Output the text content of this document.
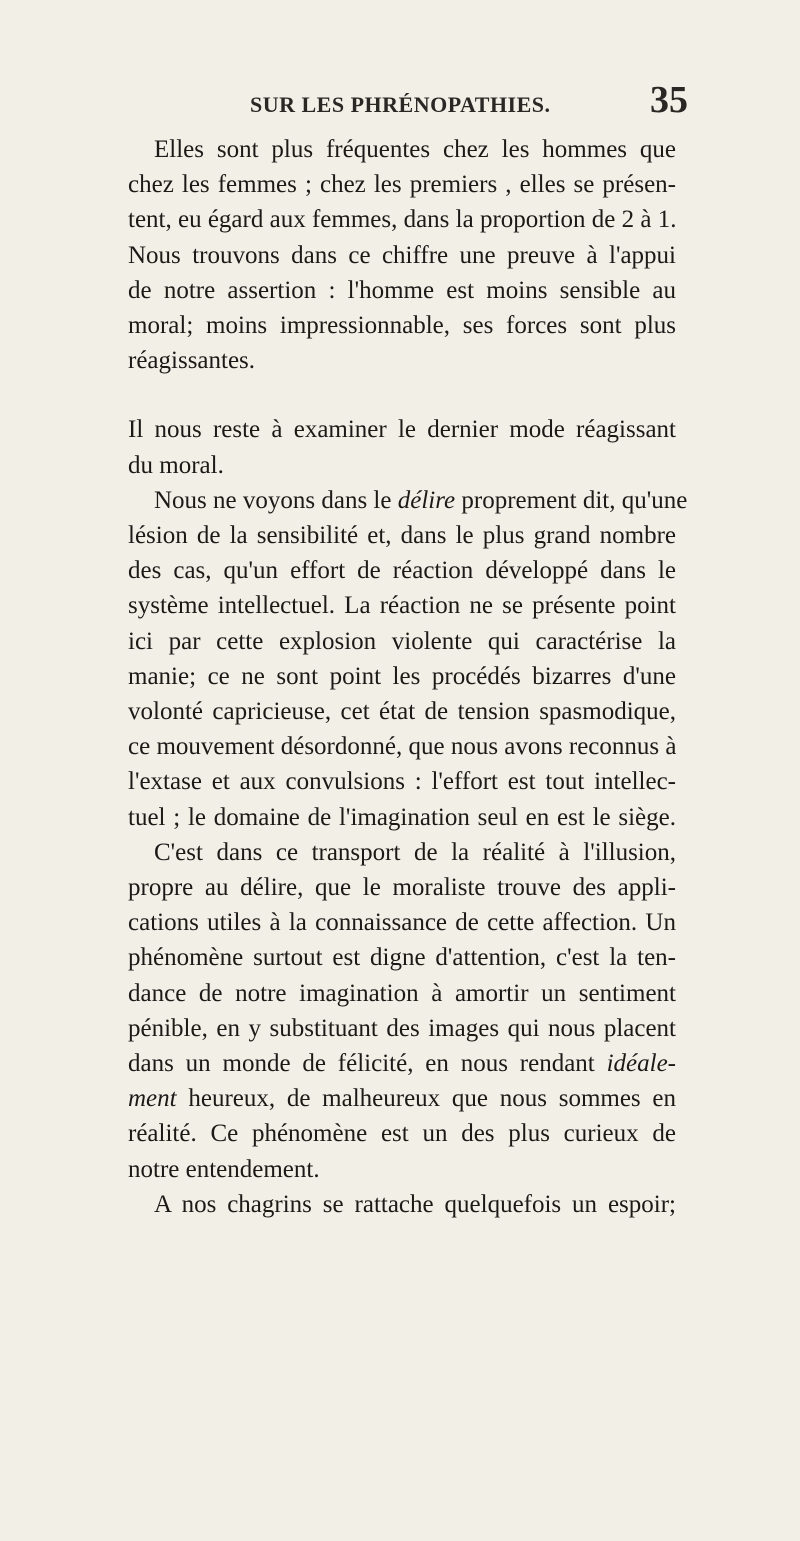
SUR LES PHRÉNOPATHIES.	35
Elles sont plus fréquentes chez les hommes que
chez les femmes ; chez les premiers , elles se présen-
tent, eu égard aux femmes, dans la proportion de 2 à 1.
Nous trouvons dans ce chiffre une preuve à l'appui
de notre assertion : l'homme est moins sensible au
moral; moins impressionnable, ses forces sont plus
réagissantes.
Il nous reste à examiner le dernier mode réagissant
du moral.
Nous ne voyons dans le délire proprement dit, qu'une
lésion de la sensibilité et, dans le plus grand nombre
des cas, qu'un effort de réaction développé dans le
système intellectuel. La réaction ne se présente point
ici par cette explosion violente qui caractérise la
manie; ce ne sont point les procédés bizarres d'une
volonté capricieuse, cet état de tension spasmodique,
ce mouvement désordonné, que nous avons reconnus à
l'extase et aux convulsions : l'effort est tout intellec-
tuel ; le domaine de l'imagination seul en est le siège.
C'est dans ce transport de la réalité à l'illusion,
propre au délire, que le moraliste trouve des appli-
cations utiles à la connaissance de cette affection. Un
phénomène surtout est digne d'attention, c'est la ten-
dance de notre imagination à amortir un sentiment
pénible, en y substituant des images qui nous placent
dans un monde de félicité, en nous rendant idéale-
ment heureux, de malheureux que nous sommes en
réalité. Ce phénomène est un des plus curieux de
notre entendement.
A nos chagrins se rattache quelquefois un espoir;
